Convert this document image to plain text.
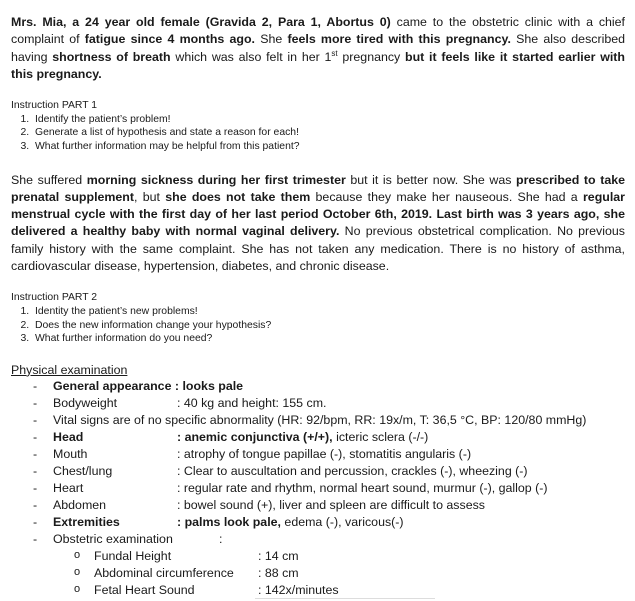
Mrs. Mia, a 24 year old female (Gravida 2, Para 1, Abortus 0) came to the obstetric clinic with a chief complaint of fatigue since 4 months ago. She feels more tired with this pregnancy. She also described having shortness of breath which was also felt in her 1st pregnancy but it feels like it started earlier with this pregnancy.

Instruction PART 1

1. Identify the patient’s problem!
2. Generate a list of hypothesis and state a reason for each!
3. What further information may be helpful from this patient?

She suffered morning sickness during her first trimester but it is better now. She was prescribed to take prenatal supplement, but she does not take them because they make her nauseous. She had a regular menstrual cycle with the first day of her last period October 6th, 2019. Last birth was 3 years ago, she delivered a healthy baby with normal vaginal delivery. No previous obstetrical complication. No previous family history with the same complaint. She has not taken any medication. There is no history of asthma, cardiovascular disease, hypertension, diabetes, and chronic disease.

Instruction PART 2

1. Identity the patient’s new problems!
2. Does the new information change your hypothesis?
3. What further information do you need?
Physical examination
- General appearance : looks pale
- Bodyweight	: 40 kg and height: 155 cm.
- Vital signs are of no specific abnormality (HR: 92/bpm, RR: 19x/m, T: 36,5 °C, BP: 120/80 mmHg)
- Head	: anemic conjunctiva (+/+), icteric sclera (-/-)
- Mouth	: atrophy of tongue papillae (-), stomatitis angularis (-)
- Chest/lung	: Clear to auscultation and percussion, crackles (-), wheezing (-)
- Heart	: regular rate and rhythm, normal heart sound, murmur (-), gallop (-)
- Abdomen	: bowel sound (+), liver and spleen are difficult to assess
- Extremities	: palms look pale, edema (-), varicous(-)
- Obstetric examination	:
o Fundal Height	: 14 cm
o Abdominal circumference : 88 cm
o Fetal Heart Sound	: 142x/minutes
